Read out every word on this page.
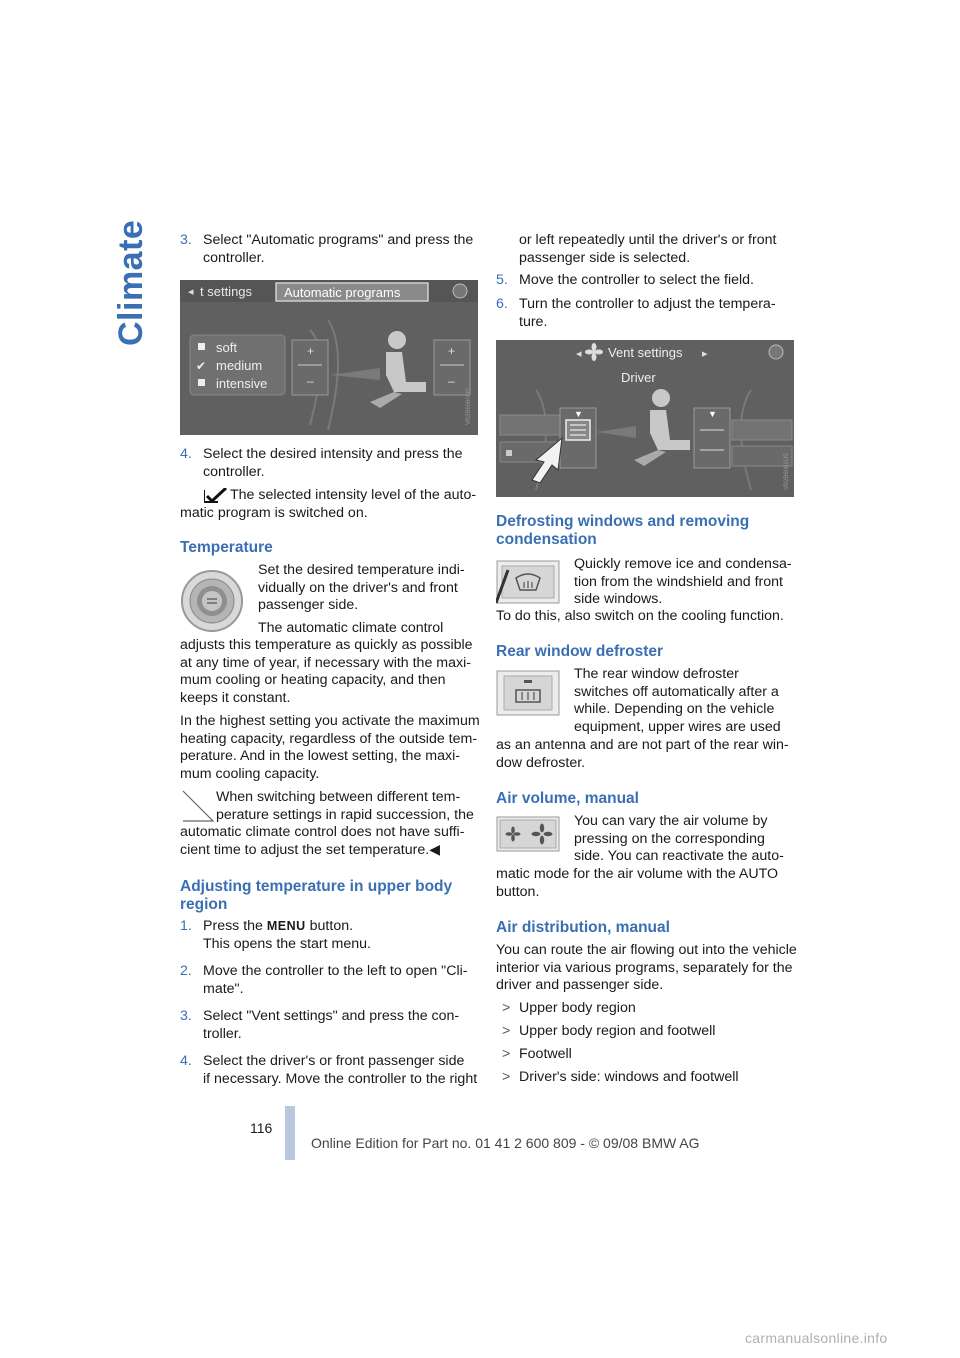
Climate 3. Select "Automatic programs" and press the
controller.
◂ t settings Automatic programs
soft
✔ medium
intensive
+
–
+
–
VB2B6060US
4. Select the desired intensity and press the
controller.

The selected intensity level of the auto-

matic program is switched on.

Temperature

Set the desired temperature indi-

vidually on the driver's and front

passenger side.

The automatic climate control

adjusts this temperature as quickly as possible

at any time of year, if necessary with the maxi-

mum cooling or heating capacity, and then

keeps it constant.

In the highest setting you activate the maximum

heating capacity, regardless of the outside tem-

perature. And in the lowest setting, the maxi-

mum cooling capacity.

When switching between different tem-

perature settings in rapid succession, the

automatic climate control does not have suffi-

cient time to adjust the set temperature.◀

Adjusting temperature in upper body
region
1. Press the MENU button.
This opens the start menu.
2. Move the controller to the left to open "Cli-
mate".
3. Select "Vent settings" and press the con-
troller.
4. Select the driver's or front passenger side
if necessary. Move the controller to the right

or left repeatedly until the driver's or front

passenger side is selected.

5. Move the controller to select the field.
6. Turn the controller to adjust the tempera-
ture.
◂ Vent settings ▸
Driver
▼	▼
VB2B6061US
Defrosting windows and removing
condensation

Quickly remove ice and condensa-

tion from the windshield and front

side windows.

To do this, also switch on the cooling function.

Rear window defroster

The rear window defroster

switches off automatically after a

while. Depending on the vehicle

equipment, upper wires are used

as an antenna and are not part of the rear win-

dow defroster.

Air volume, manual

You can vary the air volume by

pressing on the corresponding

side. You can reactivate the auto-

matic mode for the air volume with the AUTO

button.

Air distribution, manual

You can route the air flowing out into the vehicle

interior via various programs, separately for the

driver and passenger side.

> Upper body region
> Upper body region and footwell
> Footwell
> Driver's side: windows and footwell
116
Online Edition for Part no. 01 41 2 600 809 - © 09/08 BMW AG
carmanualsonline.info
